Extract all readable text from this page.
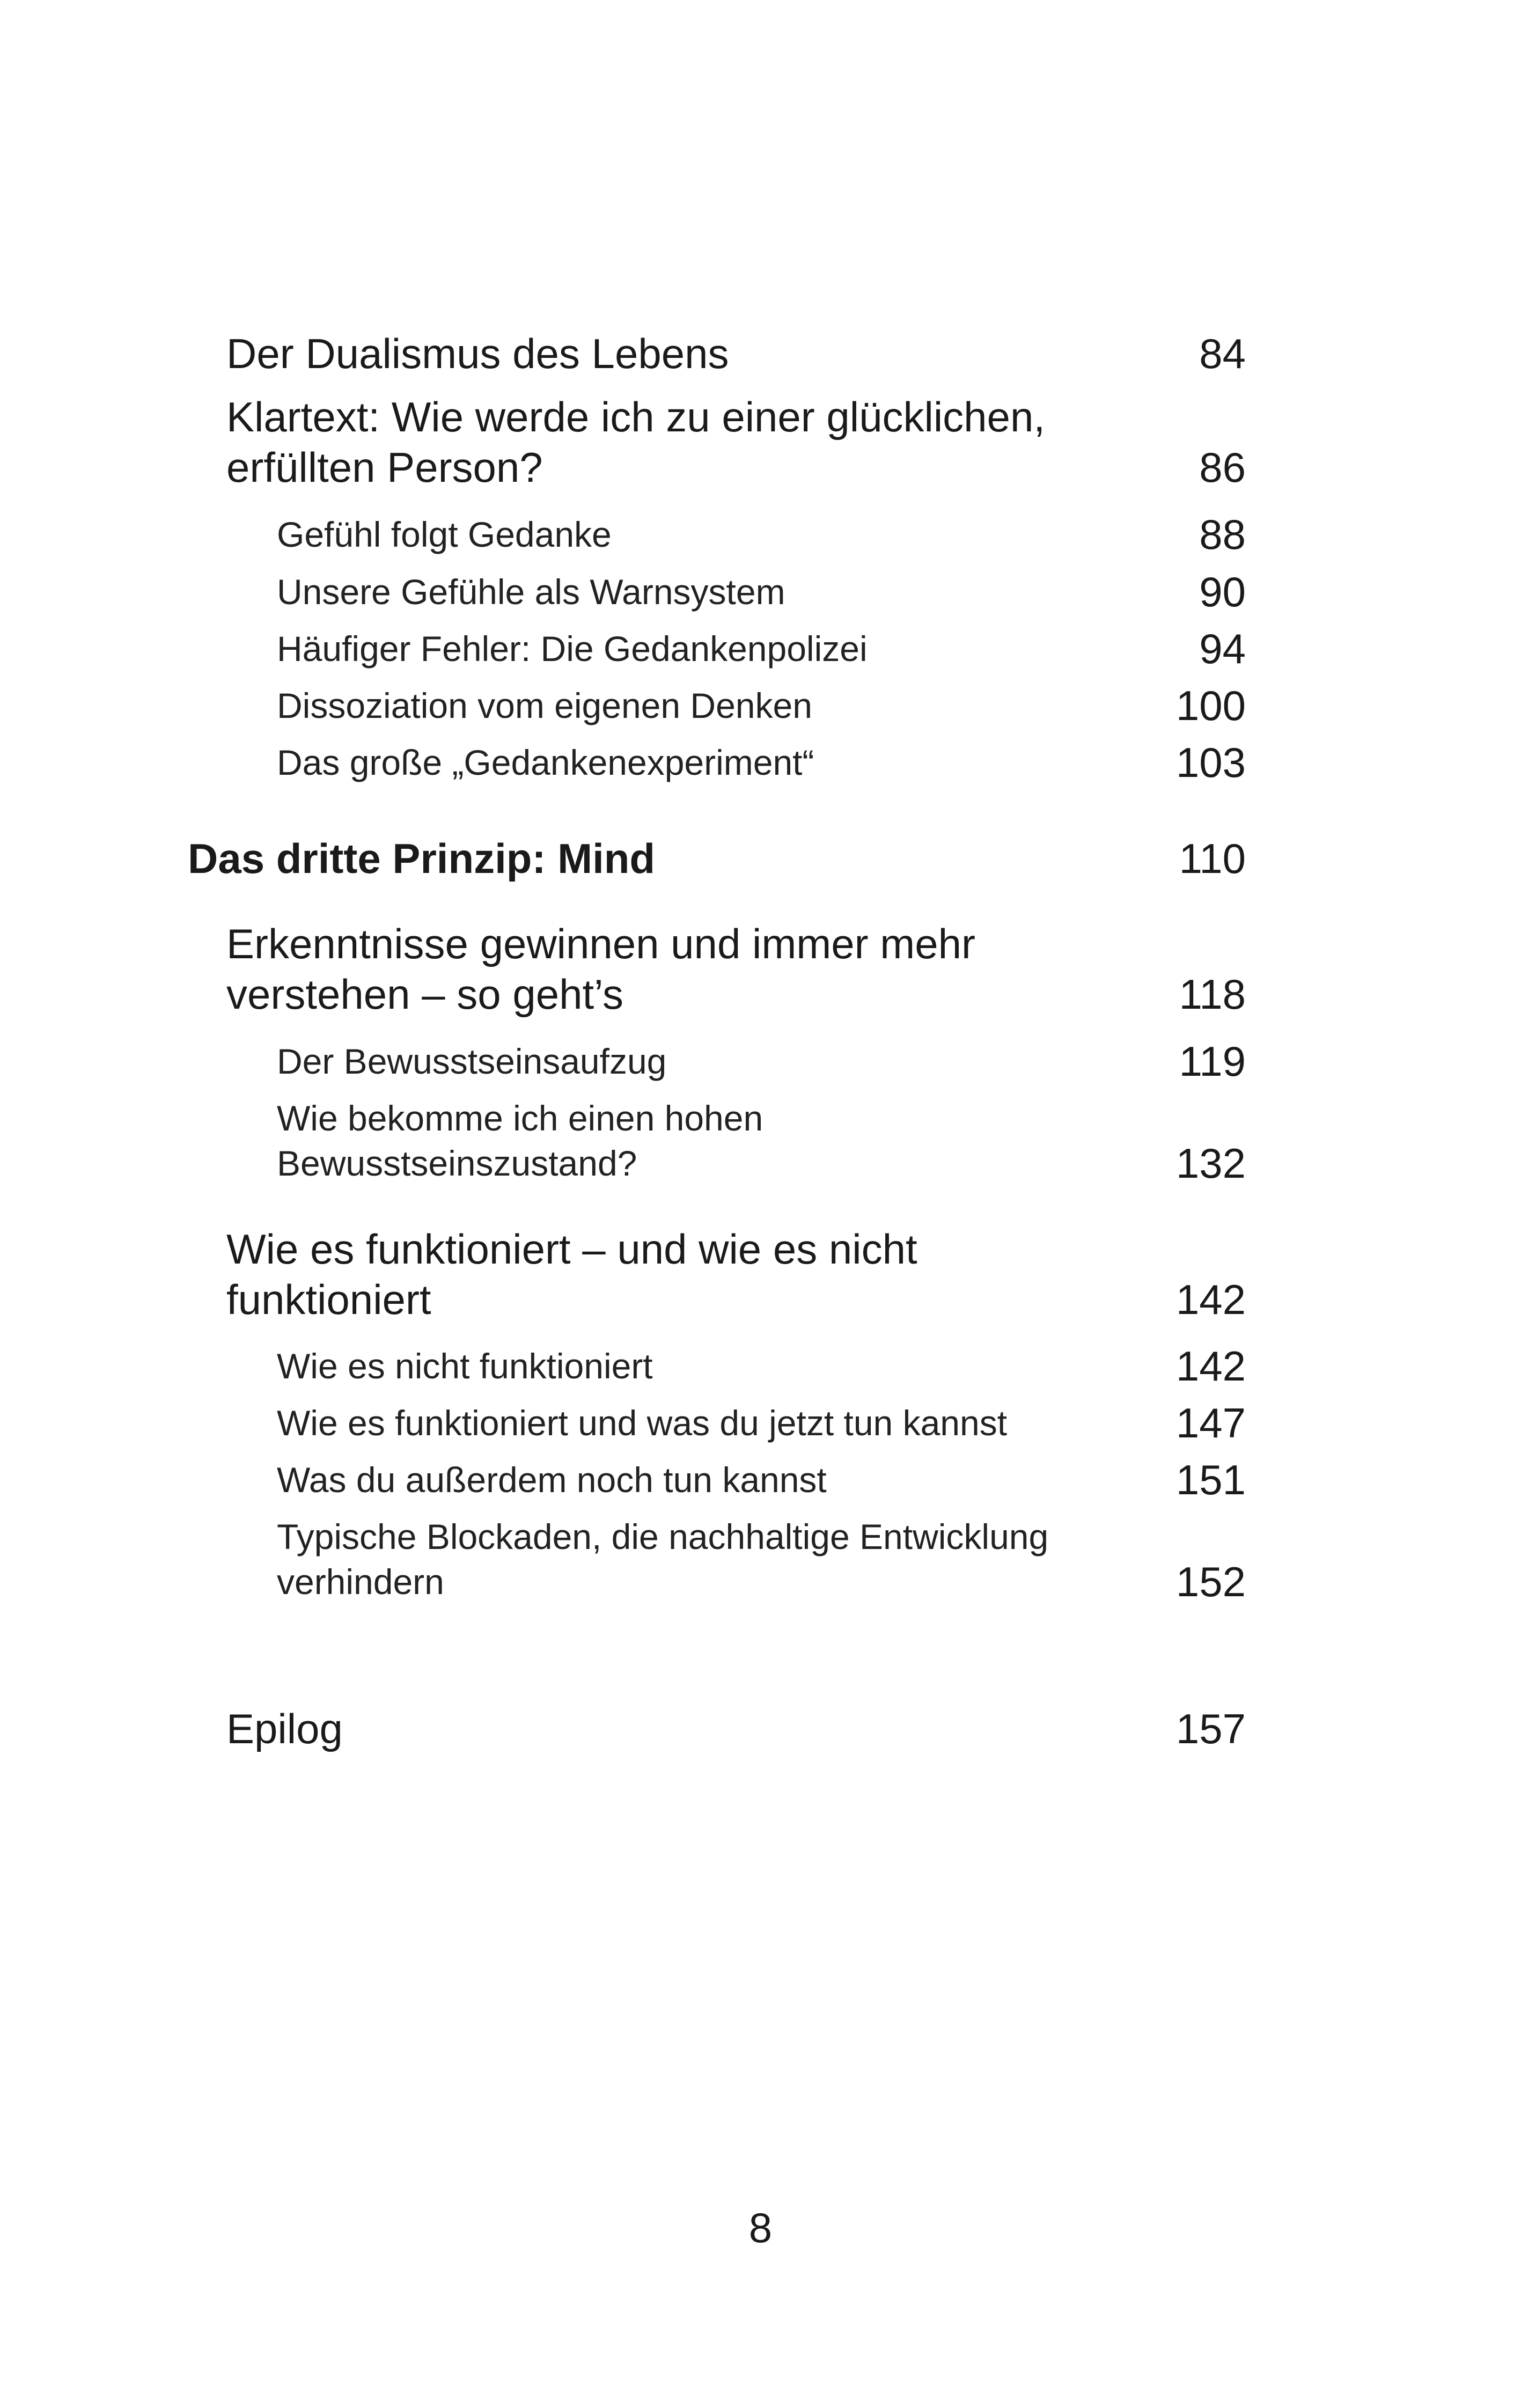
Der Dualismus des Lebens	84
Klartext: Wie werde ich zu einer glücklichen,
erfüllten Person?	86
Gefühl folgt Gedanke	88
Unsere Gefühle als Warnsystem	90
Häufiger Fehler: Die Gedankenpolizei	94
Dissoziation vom eigenen Denken	100
Das große „Gedankenexperiment“	103
Das dritte Prinzip: Mind	110
Erkenntnisse gewinnen und immer mehr
verstehen – so geht’s	118
Der Bewusstseinsaufzug	119
Wie bekomme ich einen hohen
Bewusstseinszustand?	132
Wie es funktioniert – und wie es nicht
funktioniert	142
Wie es nicht funktioniert	142
Wie es funktioniert und was du jetzt tun kannst	147
Was du außerdem noch tun kannst	151
Typische Blockaden, die nachhaltige Entwicklung
verhindern	152
Epilog	157
8
